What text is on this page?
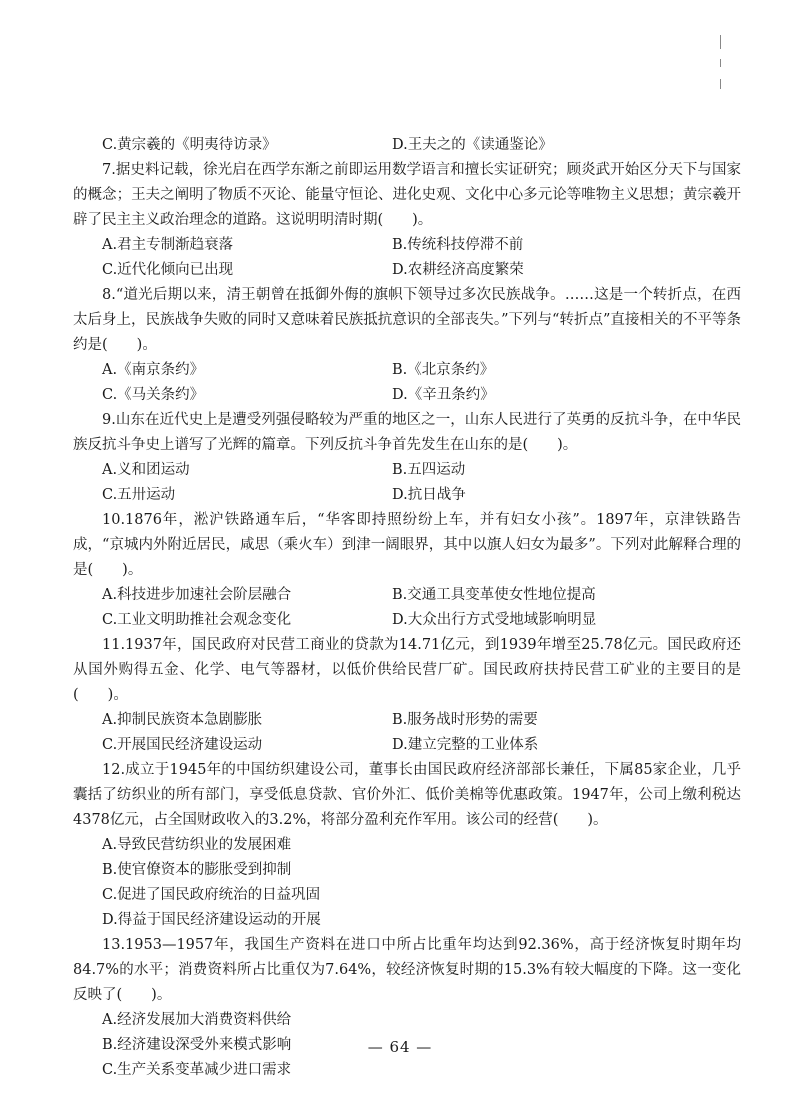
C.黄宗羲的《明夷待访录》	D.王夫之的《读通鉴论》

7.据史料记载，徐光启在西学东渐之前即运用数学语言和擅长实证研究；顾炎武开始区分天下与国家的概念；王夫之阐明了物质不灭论、能量守恒论、进化史观、文化中心多元论等唯物主义思想；黄宗羲开辟了民主主义政治理念的道路。这说明明清时期(　　)。

A.君主专制渐趋衰落	B.传统科技停滞不前
C.近代化倾向已出现	D.农耕经济高度繁荣

8.“道光后期以来，清王朝曾在抵御外侮的旗帜下领导过多次民族战争。……这是一个转折点，在西太后身上，民族战争失败的同时又意味着民族抵抗意识的全部丧失。”下列与“转折点”直接相关的不平等条约是(　　)。

A.《南京条约》	B.《北京条约》
C.《马关条约》	D.《辛丑条约》

9.山东在近代史上是遭受列强侵略较为严重的地区之一，山东人民进行了英勇的反抗斗争，在中华民族反抗斗争史上谱写了光辉的篇章。下列反抗斗争首先发生在山东的是(　　)。

A.义和团运动	B.五四运动
C.五卅运动	D.抗日战争

10.1876年，淞沪铁路通车后，“华客即持照纷纷上车，并有妇女小孩”。1897年，京津铁路告成，“京城内外附近居民，咸思（乘火车）到津一阔眼界，其中以旗人妇女为最多”。下列对此解释合理的是(　　)。

A.科技进步加速社会阶层融合	B.交通工具变革使女性地位提高
C.工业文明助推社会观念变化	D.大众出行方式受地域影响明显

11.1937年，国民政府对民营工商业的贷款为14.71亿元，到1939年增至25.78亿元。国民政府还从国外购得五金、化学、电气等器材，以低价供给民营厂矿。国民政府扶持民营工矿业的主要目的是(　　)。

A.抑制民族资本急剧膨胀	B.服务战时形势的需要
C.开展国民经济建设运动	D.建立完整的工业体系

12.成立于1945年的中国纺织建设公司，董事长由国民政府经济部部长兼任，下属85家企业，几乎囊括了纺织业的所有部门，享受低息贷款、官价外汇、低价美棉等优惠政策。1947年，公司上缴利税达4378亿元，占全国财政收入的3.2%，将部分盈利充作军用。该公司的经营(　　)。

A.导致民营纺织业的发展困难
B.使官僚资本的膨胀受到抑制
C.促进了国民政府统治的日益巩固
D.得益于国民经济建设运动的开展

13.1953—1957年，我国生产资料在进口中所占比重年均达到92.36%，高于经济恢复时期年均84.7%的水平；消费资料所占比重仅为7.64%，较经济恢复时期的15.3%有较大幅度的下降。这一变化反映了(　　)。

A.经济发展加大消费资料供给
B.经济建设深受外来模式影响
C.生产关系变革减少进口需求
— 64 —
